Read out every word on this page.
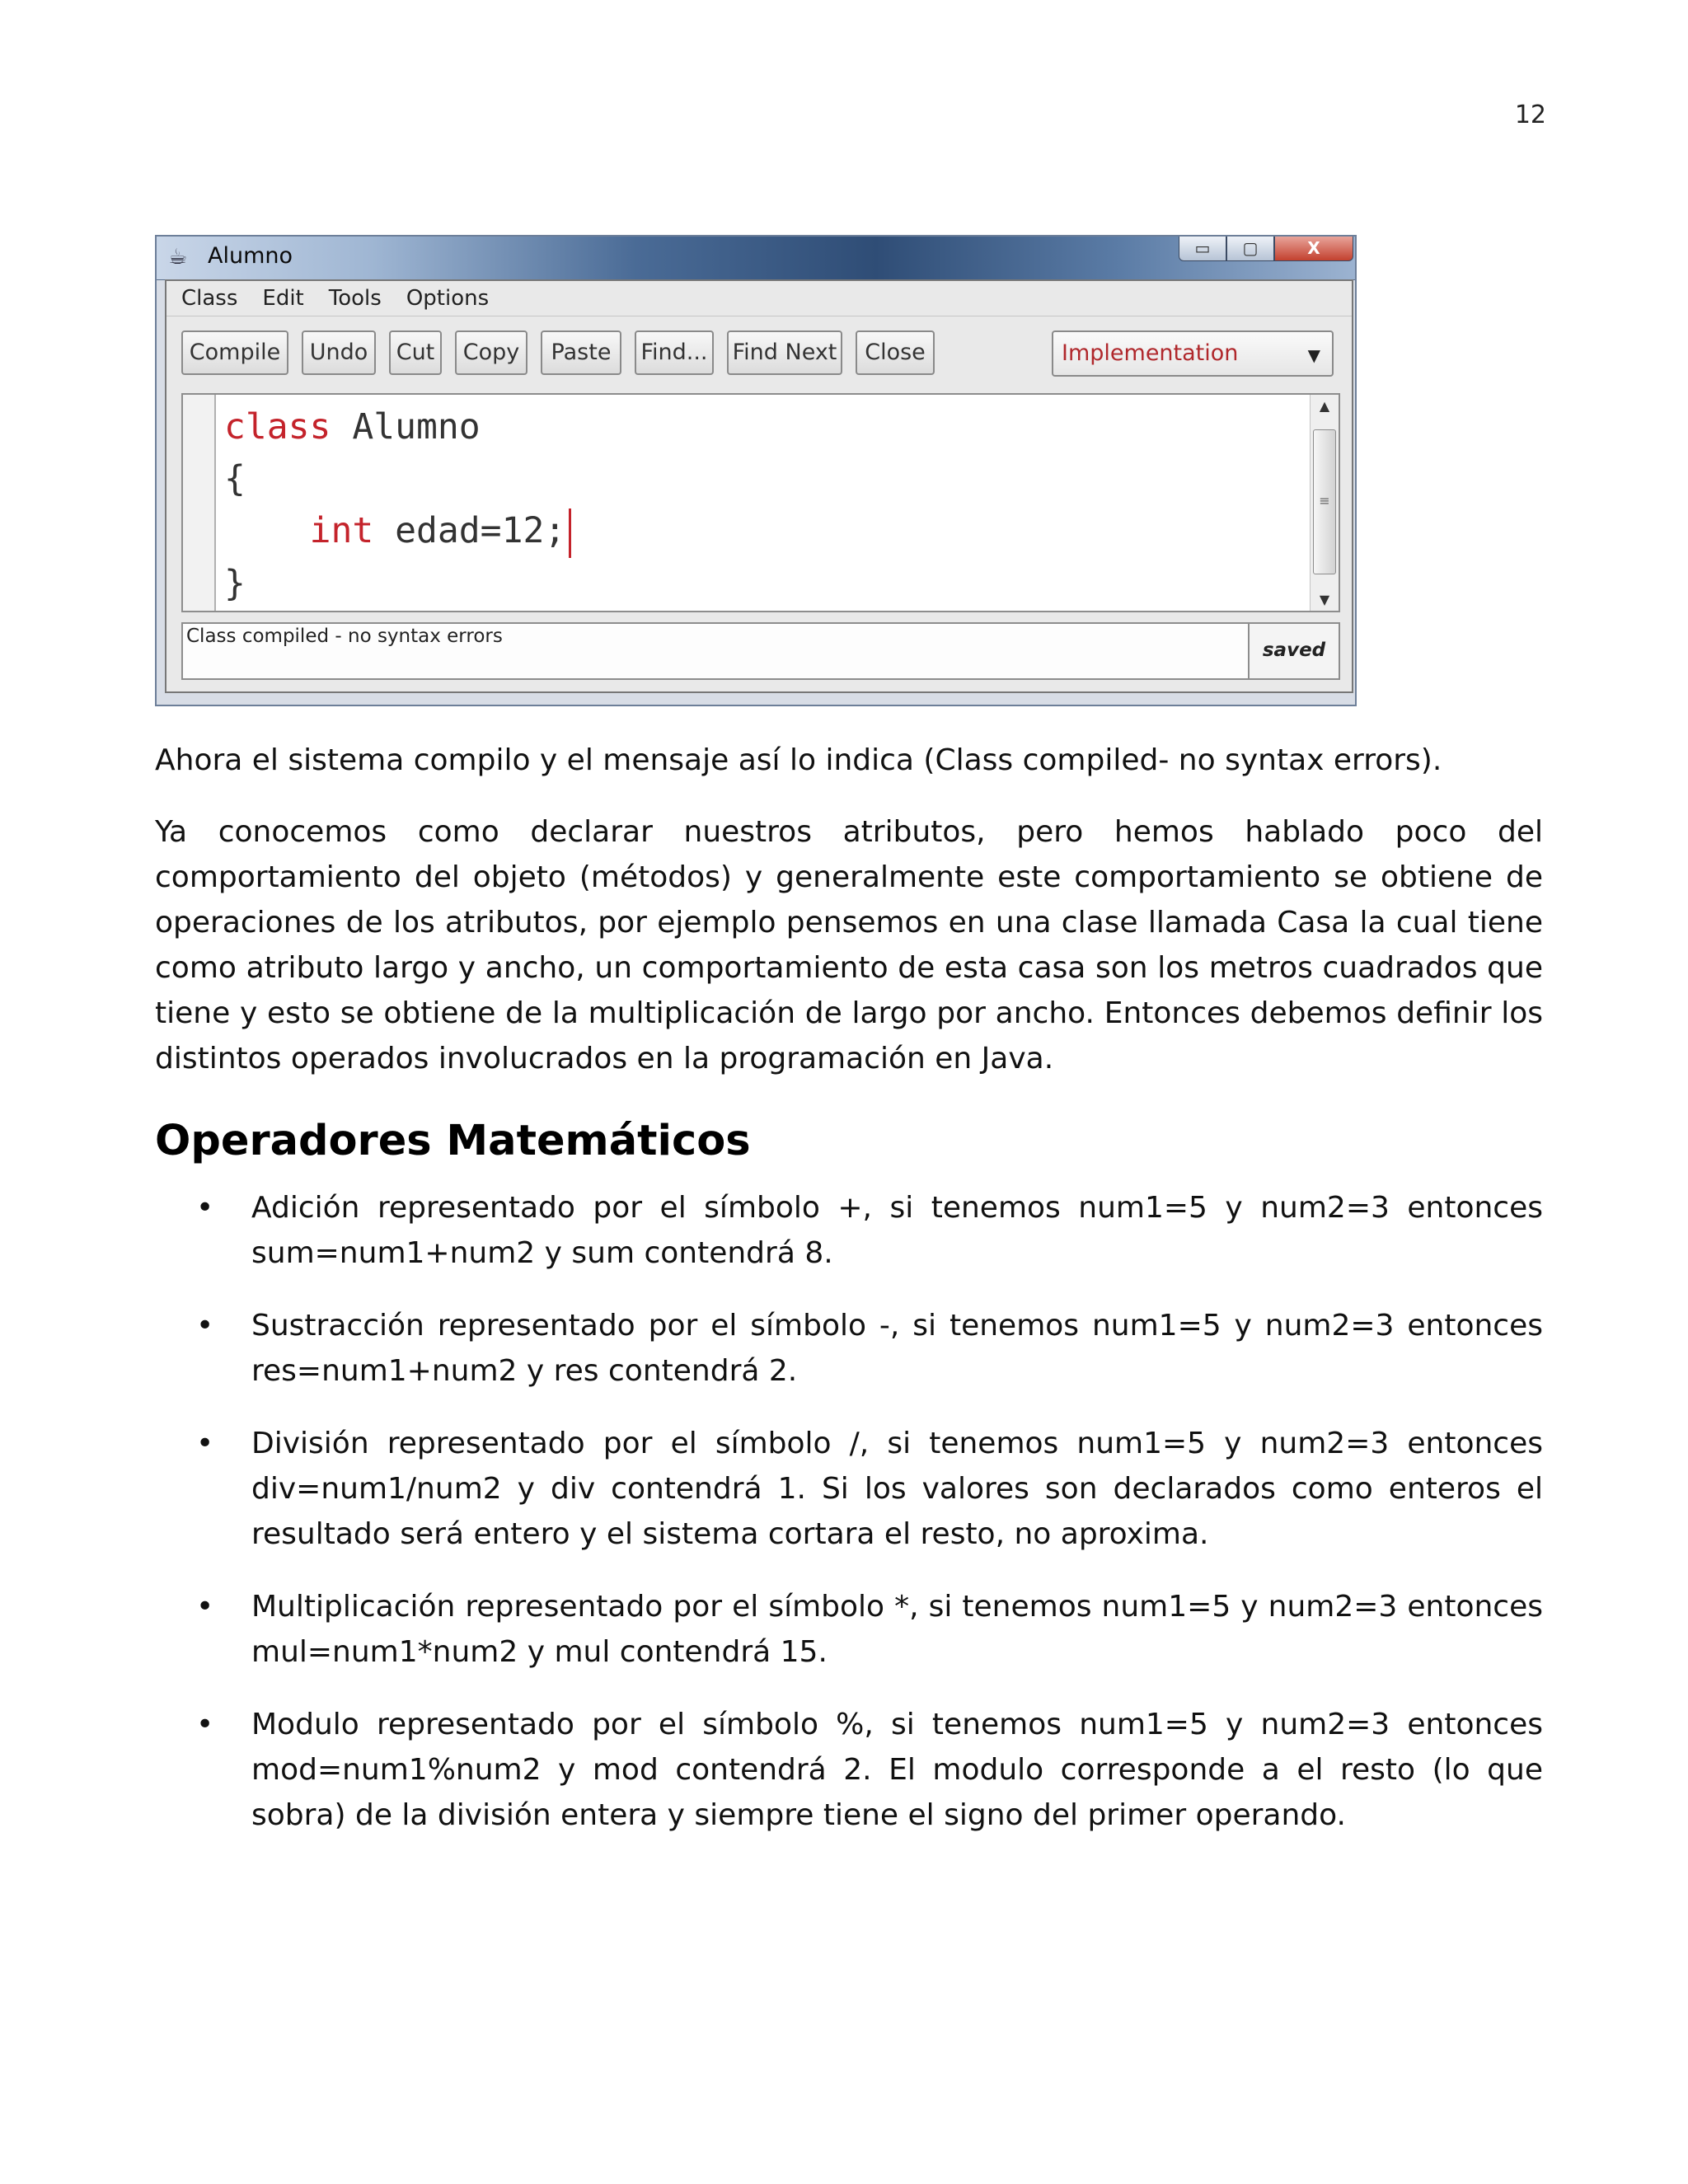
12
☕ Alumno	▭	▢	X
Class Edit Tools Options
Compile	Undo	Cut	Copy	Paste	Find... Find Next	Close	Implementation	▼
class Alumno
{
int edad=12;
}
▲
≡
▼
Class compiled - no syntax errors
saved
Ahora el sistema compilo y el mensaje así lo indica (Class compiled- no syntax errors).
Ya conocemos como declarar nuestros atributos, pero hemos hablado poco del comportamiento del objeto (métodos) y generalmente este comportamiento se obtiene de operaciones de los atributos, por ejemplo pensemos en una clase llamada Casa la cual tiene como atributo largo y ancho, un comportamiento de esta casa son los metros cuadrados que tiene y esto se obtiene de la multiplicación de largo por ancho. Entonces debemos definir los distintos operados involucrados en la programación en Java.
Operadores Matemáticos
• Adición representado por el símbolo +, si tenemos num1=5 y num2=3 entonces sum=num1+num2 y sum contendrá 8.
• Sustracción representado por el símbolo -, si tenemos num1=5 y num2=3 entonces res=num1+num2 y res contendrá 2.
• División representado por el símbolo /, si tenemos num1=5 y num2=3 entonces div=num1/num2 y div contendrá 1. Si los valores son declarados como enteros el resultado será entero y el sistema cortara el resto, no aproxima.
• Multiplicación representado por el símbolo *, si tenemos num1=5 y num2=3 entonces mul=num1*num2 y mul contendrá 15.
• Modulo representado por el símbolo %, si tenemos num1=5 y num2=3 entonces mod=num1%num2 y mod contendrá 2. El modulo corresponde a el resto (lo que sobra) de la división entera y siempre tiene el signo del primer operando.
